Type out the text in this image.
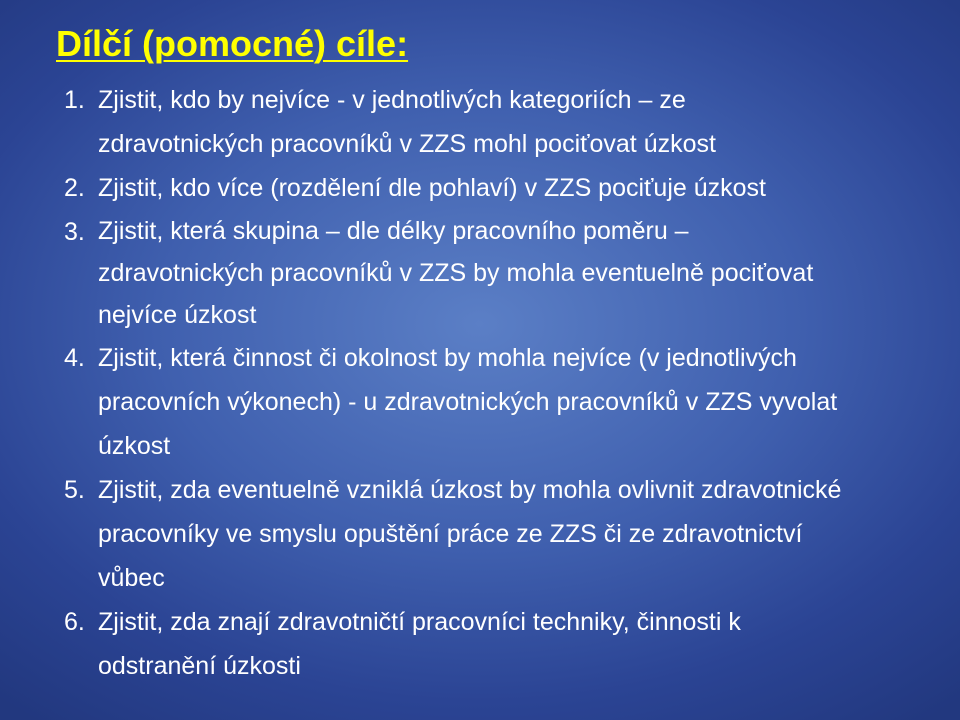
Dílčí (pomocné) cíle:
1. Zjistit, kdo by nejvíce - v jednotlivých kategoriích – ze zdravotnických pracovníků v ZZS mohl pociťovat úzkost
2. Zjistit, kdo více (rozdělení dle pohlaví) v ZZS pociťuje úzkost
3. Zjistit, která skupina – dle délky pracovního poměru – zdravotnických pracovníků v ZZS by mohla eventuelně pociťovat nejvíce úzkost
4. Zjistit, která činnost či okolnost by mohla nejvíce (v jednotlivých pracovních výkonech) - u zdravotnických pracovníků v ZZS vyvolat úzkost
5. Zjistit, zda eventuelně vzniklá úzkost by mohla ovlivnit zdravotnické pracovníky ve smyslu opuštění práce ze ZZS či ze zdravotnictví vůbec
6. Zjistit, zda znají zdravotničtí pracovníci techniky, činnosti k odstranění úzkosti
